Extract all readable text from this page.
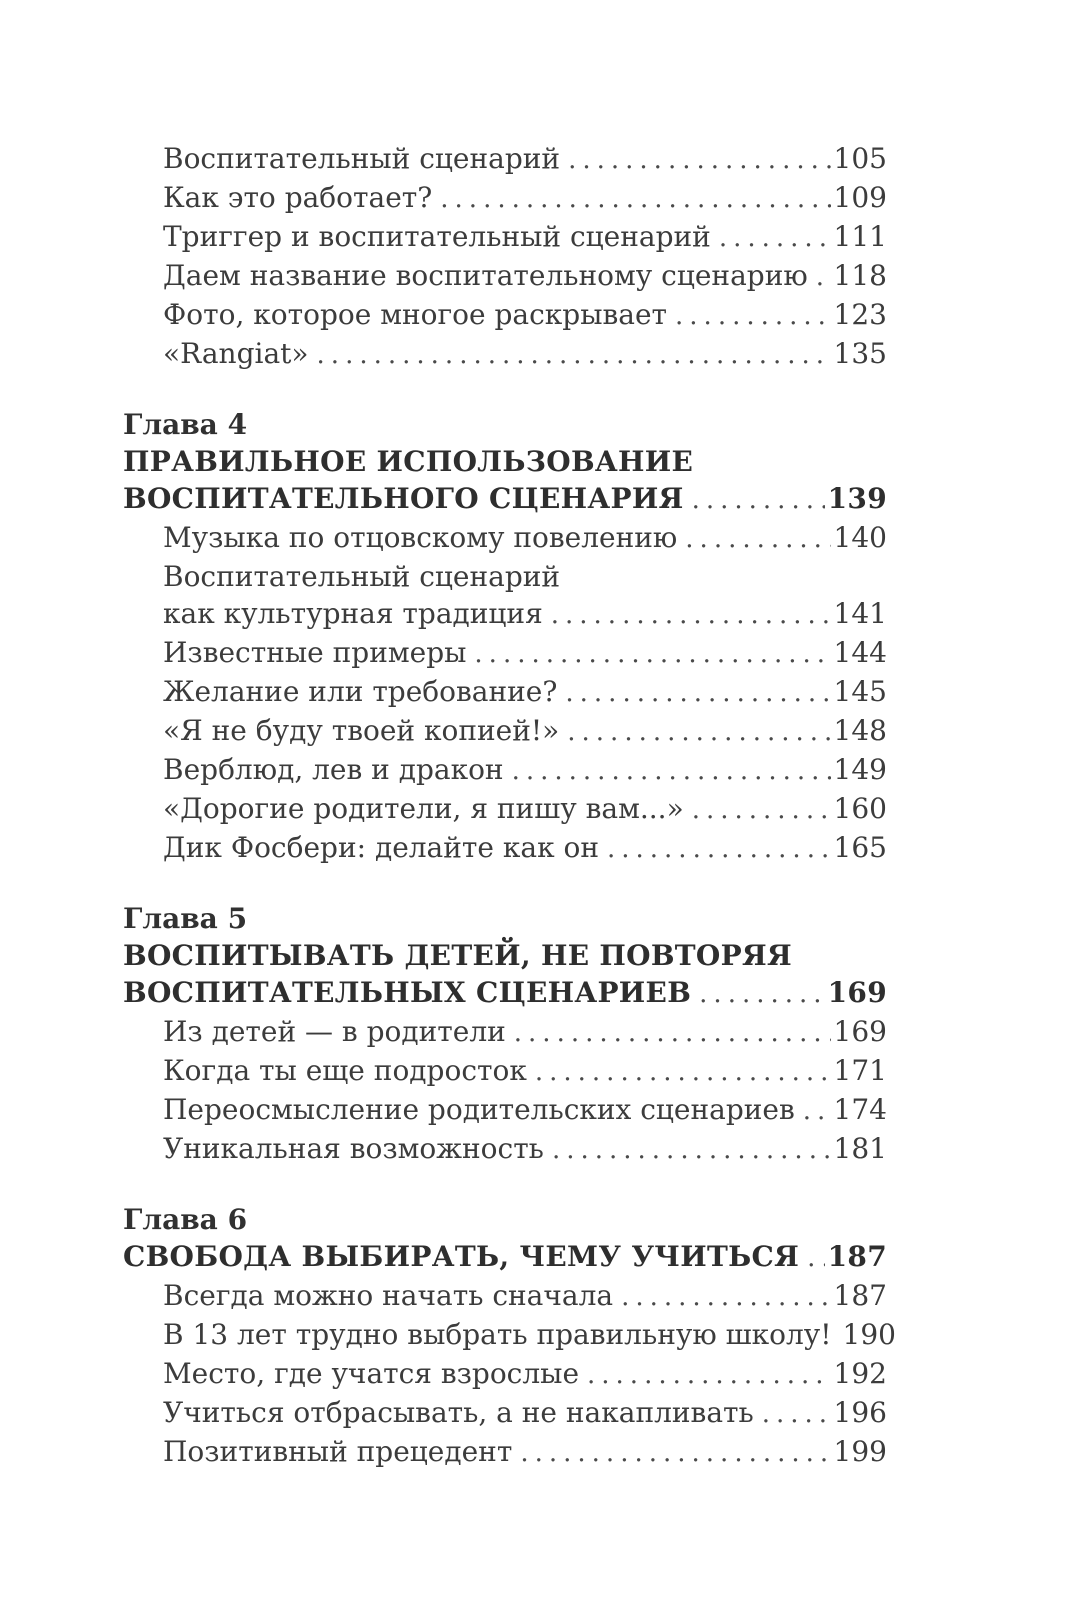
Воспитательный сценарий .....	105
Как это работает? .....	109
Триггер и воспитательный сценарий .....	111
Даем название воспитательному сценарию ..... 118
Фото, которое многое раскрывает .....	123
«Rangiat» .....	135
Глава 4
ПРАВИЛЬНОЕ ИСПОЛЬЗОВАНИЕ
ВОСПИТАТЕЛЬНОГО СЦЕНАРИЯ .....	139
Музыка по отцовскому повелению .....	140
Воспитательный сценарий
как культурная традиция .....	141
Известные примеры .....	144
Желание или требование? .....	145
«Я не буду твоей копией!» .....	148
Верблюд, лев и дракон .....	149
«Дорогие родители, я пишу вам...» .....	160
Дик Фосбери: делайте как он .....	165
Глава 5
ВОСПИТЫВАТЬ ДЕТЕЙ, НЕ ПОВТОРЯЯ
ВОСПИТАТЕЛЬНЫХ СЦЕНАРИЕВ .....	169
Из детей — в родители .....	169
Когда ты еще подросток .....	171
Переосмысление родительских сценариев ..... 174
Уникальная возможность .....	181
Глава 6
СВОБОДА ВЫБИРАТЬ, ЧЕМУ УЧИТЬСЯ ..... 187
Всегда можно начать сначала .....	187
В 13 лет трудно выбрать правильную школу! 190
Место, где учатся взрослые .....	192
Учиться отбрасывать, а не накапливать .....	196
Позитивный прецедент .....	199
